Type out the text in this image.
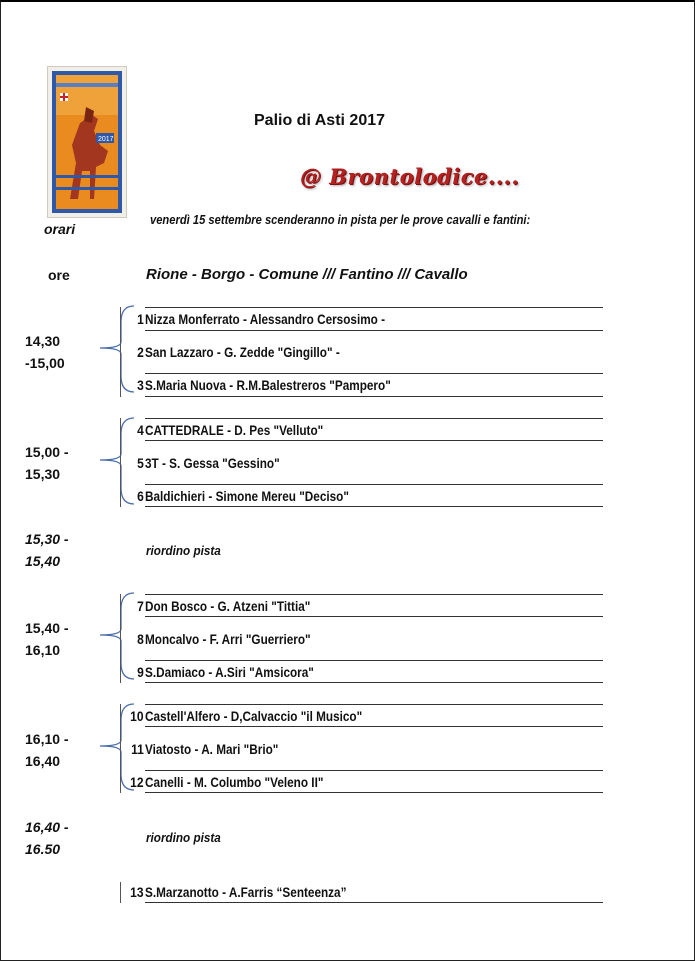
2017
Palio di Asti 2017
@ Brontolodice....
orari
venerdì 15 settembre scenderanno in pista per le prove cavalli e fantini:
ore	Rione - Borgo - Comune /// Fantino /// Cavallo
14,30
-15,00
1 Nizza Monferrato - Alessandro Cersosimo -
2 San Lazzaro - G. Zedde "Gingillo" -
3 S.Maria Nuova - R.M.Balestreros "Pampero"
15,00 -
15,30
4 CATTEDRALE - D. Pes "Velluto"
5 3T - S. Gessa "Gessino"
6 Baldichieri - Simone Mereu "Deciso"
15,30 -
15,40
riordino pista
15,40 -
16,10
7 Don Bosco - G. Atzeni "Tittia"
8 Moncalvo - F. Arri "Guerriero"
9 S.Damiaco - A.Siri "Amsicora"
16,10 -
16,40
10 Castell'Alfero - D,Calvaccio "il Musico"
11 Viatosto - A. Mari "Brio"
12 Canelli - M. Columbo "Veleno II"
16,40 -
16.50
riordino pista
13 S.Marzanotto - A.Farris “Senteenza”
